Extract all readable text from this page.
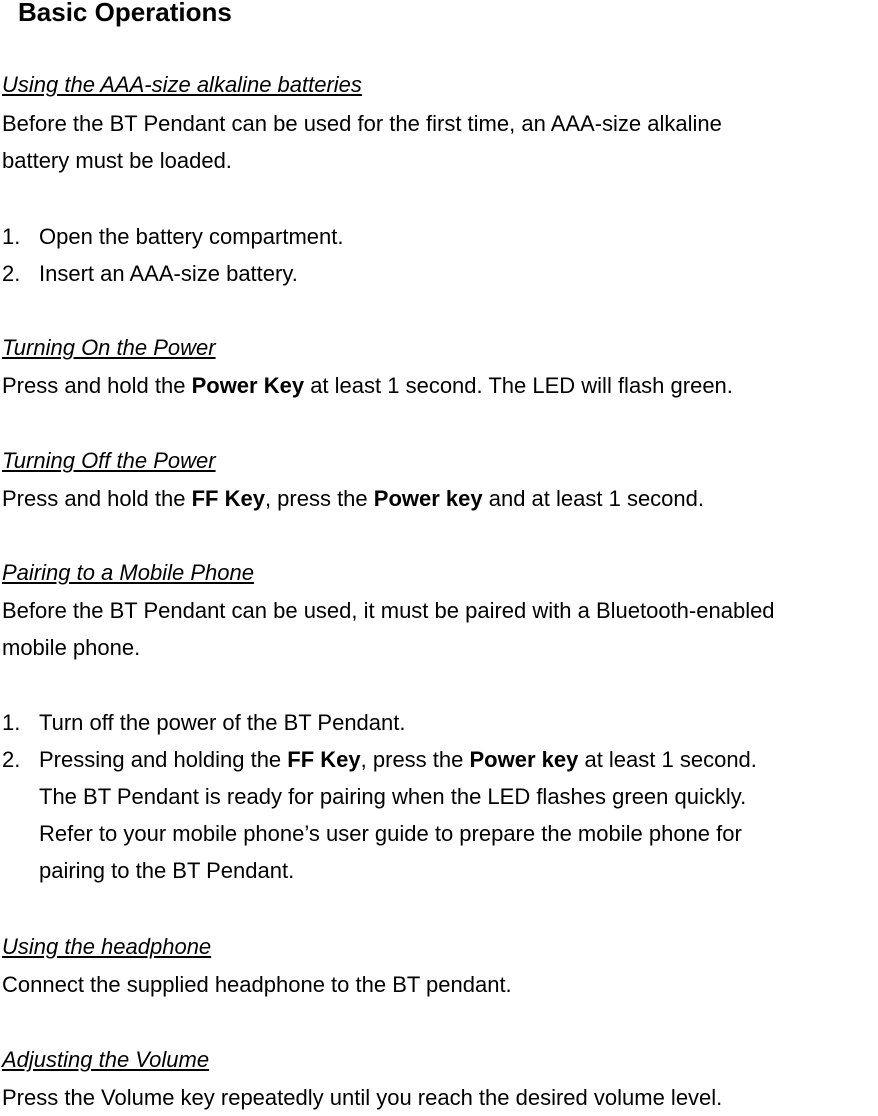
Basic Operations
Using the AAA-size alkaline batteries
Before the BT Pendant can be used for the first time, an AAA-size alkaline
battery must be loaded.
1. Open the battery compartment.
2. Insert an AAA-size battery.
Turning On the Power
Press and hold the Power Key at least 1 second. The LED will flash green.
Turning Off the Power
Press and hold the FF Key, press the Power key and at least 1 second.
Pairing to a Mobile Phone
Before the BT Pendant can be used, it must be paired with a Bluetooth-enabled
mobile phone.
1. Turn off the power of the BT Pendant.
2. Pressing and holding the FF Key, press the Power key at least 1 second.
The BT Pendant is ready for pairing when the LED flashes green quickly.
Refer to your mobile phone’s user guide to prepare the mobile phone for
pairing to the BT Pendant.
Using the headphone
Connect the supplied headphone to the BT pendant.
Adjusting the Volume
Press the Volume key repeatedly until you reach the desired volume level.
